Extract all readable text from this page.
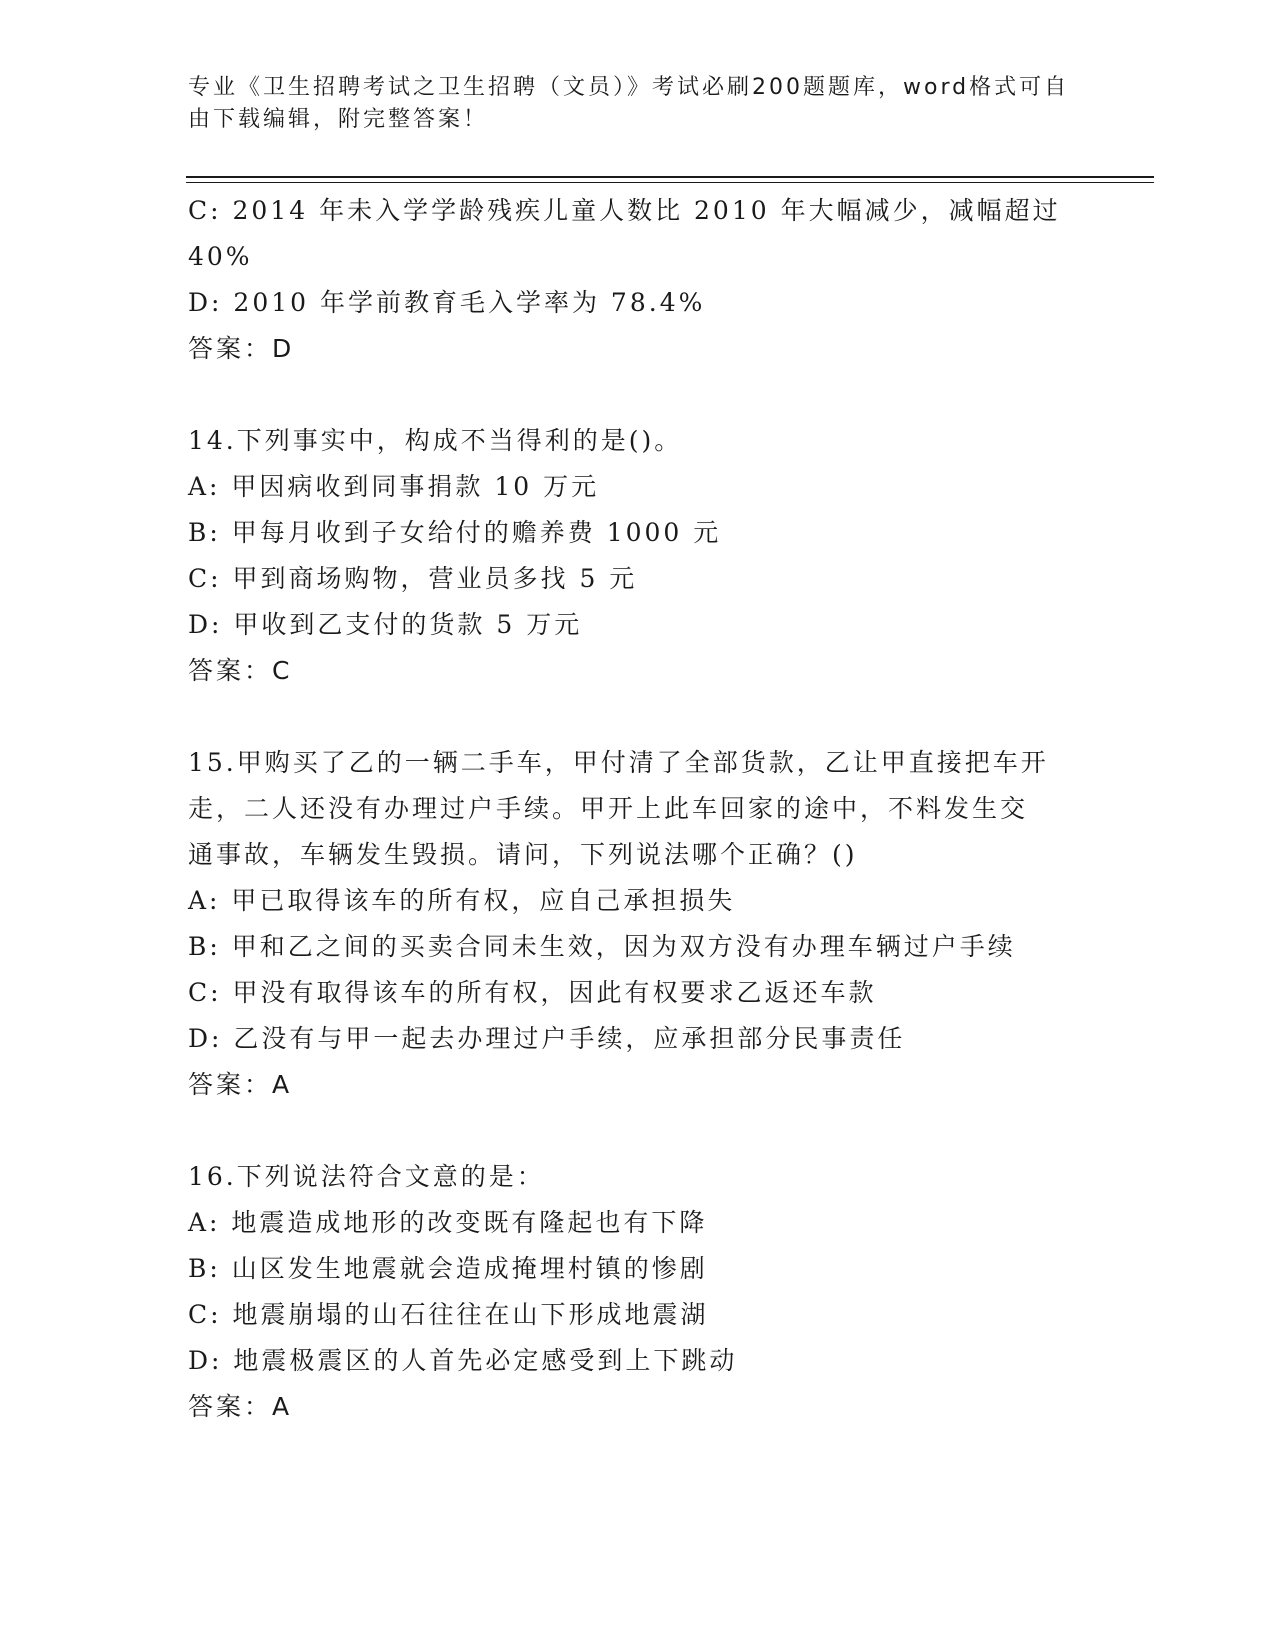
专业《卫生招聘考试之卫生招聘（文员）》考试必刷200题题库，word格式可自
由下载编辑，附完整答案！
C: 2014 年未入学学龄残疾儿童人数比 2010 年大幅减少，减幅超过
40%
D: 2010 年学前教育毛入学率为 78.4%
答案：D
14.下列事实中，构成不当得利的是()。
A: 甲因病收到同事捐款 10 万元
B: 甲每月收到子女给付的赡养费 1000 元
C: 甲到商场购物，营业员多找 5 元
D: 甲收到乙支付的货款 5 万元
答案：C
15.甲购买了乙的一辆二手车，甲付清了全部货款，乙让甲直接把车开
走，二人还没有办理过户手续。甲开上此车回家的途中，不料发生交
通事故，车辆发生毁损。请问，下列说法哪个正确？()
A: 甲已取得该车的所有权，应自己承担损失
B: 甲和乙之间的买卖合同未生效，因为双方没有办理车辆过户手续
C: 甲没有取得该车的所有权，因此有权要求乙返还车款
D: 乙没有与甲一起去办理过户手续，应承担部分民事责任
答案：A
16.下列说法符合文意的是：
A: 地震造成地形的改变既有隆起也有下降
B: 山区发生地震就会造成掩埋村镇的惨剧
C: 地震崩塌的山石往往在山下形成地震湖
D: 地震极震区的人首先必定感受到上下跳动
答案：A
